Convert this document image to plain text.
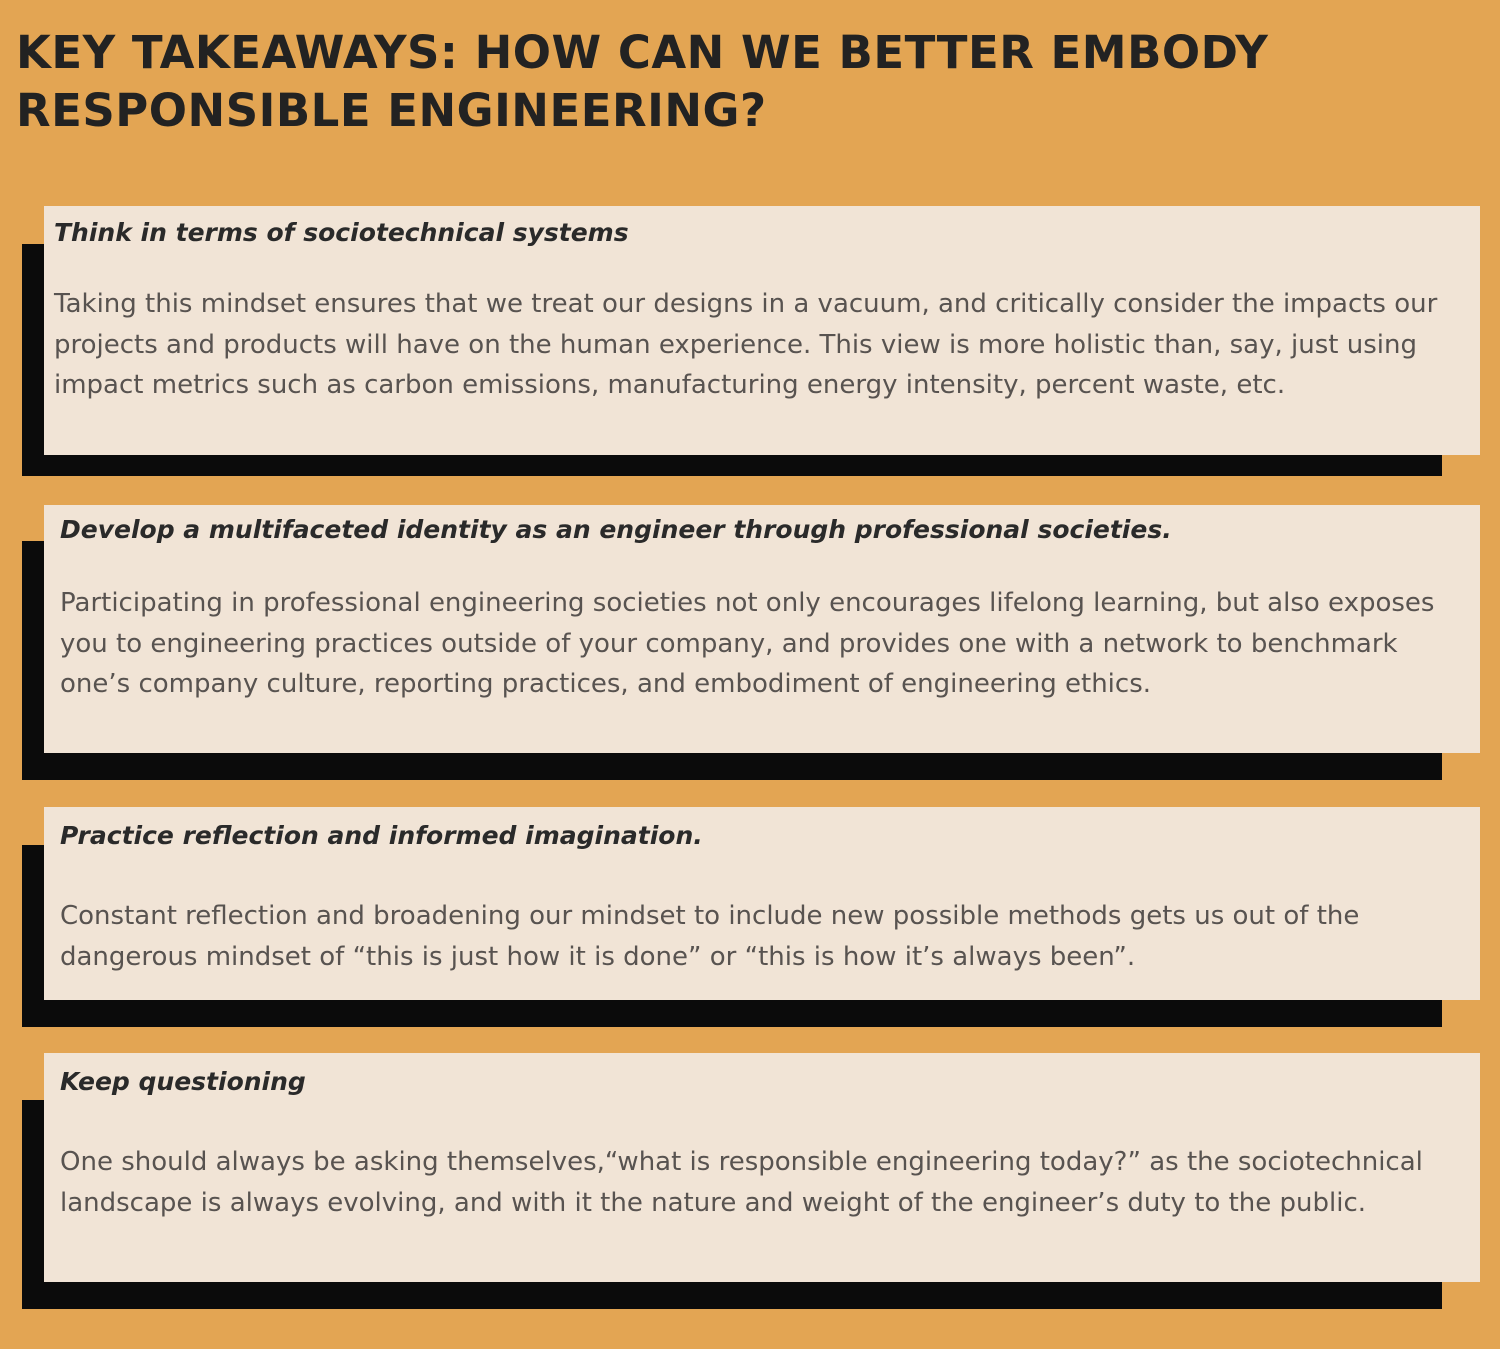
KEY TAKEAWAYS: HOW CAN WE BETTER EMBODY RESPONSIBLE ENGINEERING?
Think in terms of sociotechnical systems

Taking this mindset ensures that we treat our designs in a vacuum, and critically consider the impacts our projects and products will have on the human experience. This view is more holistic than, say, just using impact metrics such as carbon emissions, manufacturing energy intensity, percent waste, etc.

Develop a multifaceted identity as an engineer through professional societies.

Participating in professional engineering societies not only encourages lifelong learning, but also exposes you to engineering practices outside of your company, and provides one with a network to benchmark one’s company culture, reporting practices, and embodiment of engineering ethics.

Practice reflection and informed imagination.

Constant reflection and broadening our mindset to include new possible methods gets us out of the dangerous mindset of “this is just how it is done” or “this is how it’s always been”.

Keep questioning

One should always be asking themselves,“what is responsible engineering today?” as the sociotechnical landscape is always evolving, and with it the nature and weight of the engineer’s duty to the public.
